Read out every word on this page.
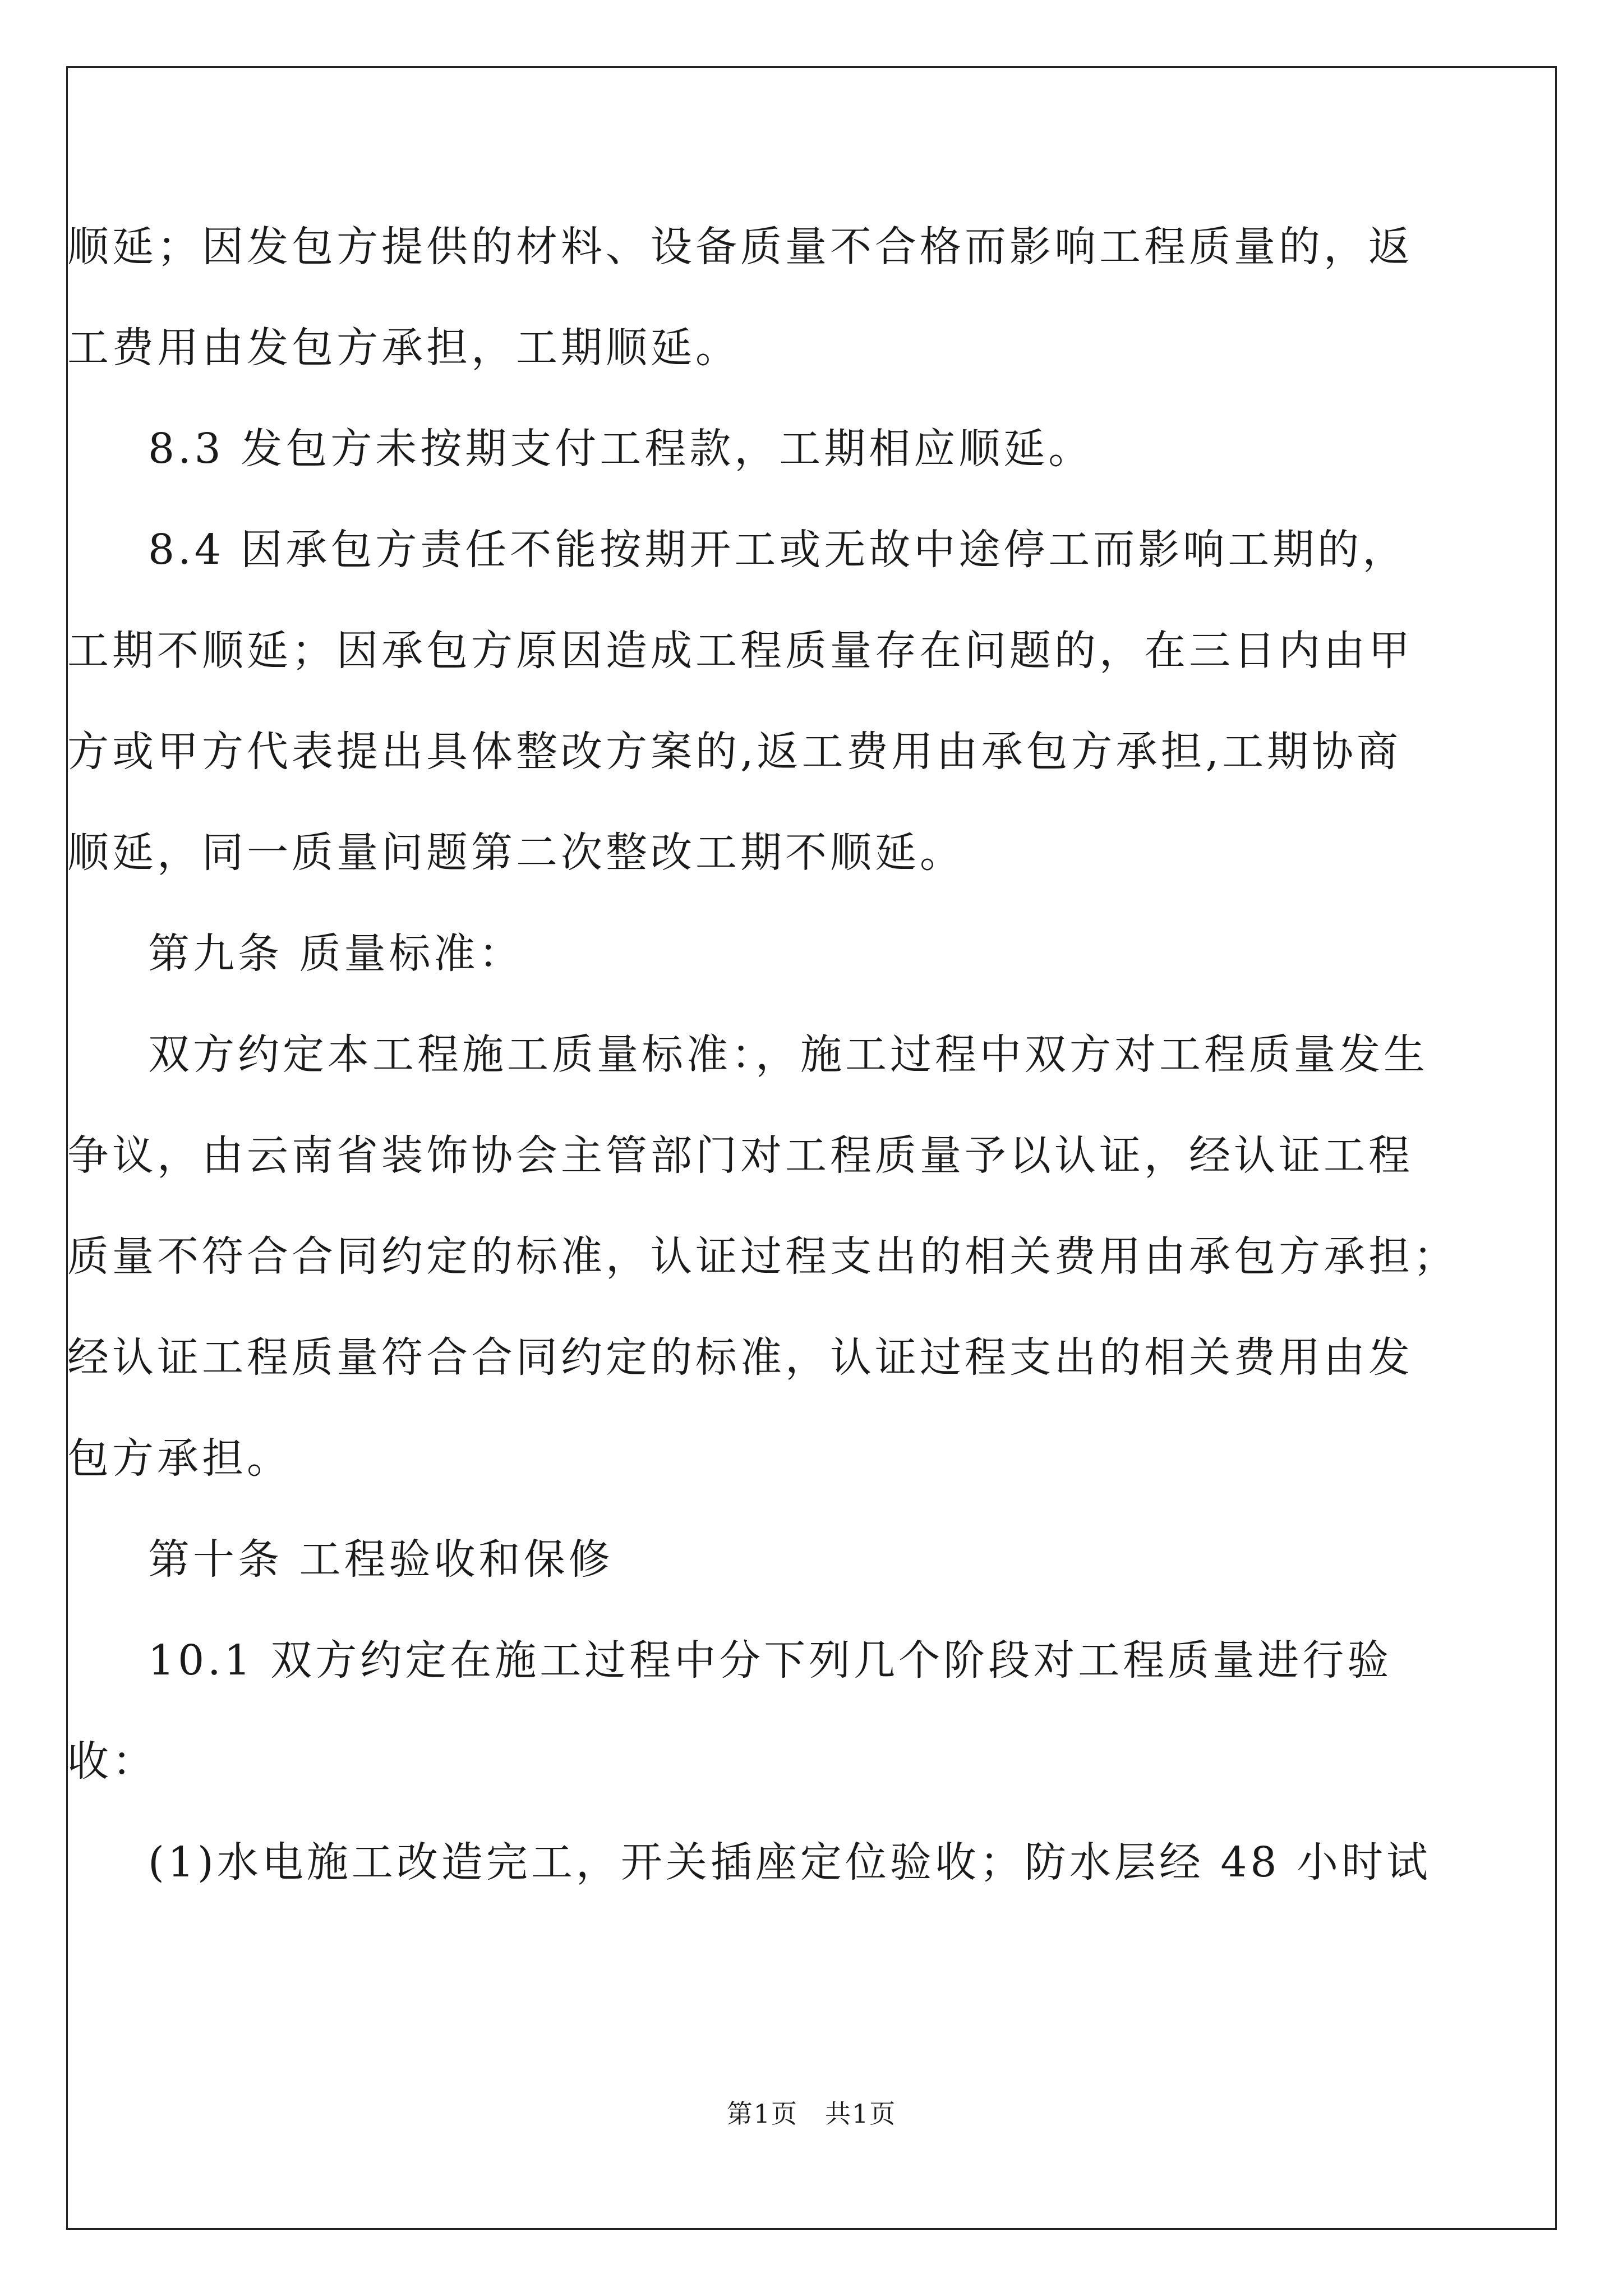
顺延；因发包方提供的材料、设备质量不合格而影响工程质量的，返
工费用由发包方承担，工期顺延。
8.3 发包方未按期支付工程款，工期相应顺延。
8.4 因承包方责任不能按期开工或无故中途停工而影响工期的，
工期不顺延；因承包方原因造成工程质量存在问题的，在三日内由甲
方或甲方代表提出具体整改方案的,返工费用由承包方承担,工期协商
顺延，同一质量问题第二次整改工期不顺延。
第九条 质量标准：
双方约定本工程施工质量标准：，施工过程中双方对工程质量发生
争议，由云南省装饰协会主管部门对工程质量予以认证，经认证工程
质量不符合合同约定的标准，认证过程支出的相关费用由承包方承担；
经认证工程质量符合合同约定的标准，认证过程支出的相关费用由发
包方承担。
第十条 工程验收和保修
10.1 双方约定在施工过程中分下列几个阶段对工程质量进行验
收：
(1)水电施工改造完工，开关插座定位验收；防水层经 48 小时试
第1页　共1页
